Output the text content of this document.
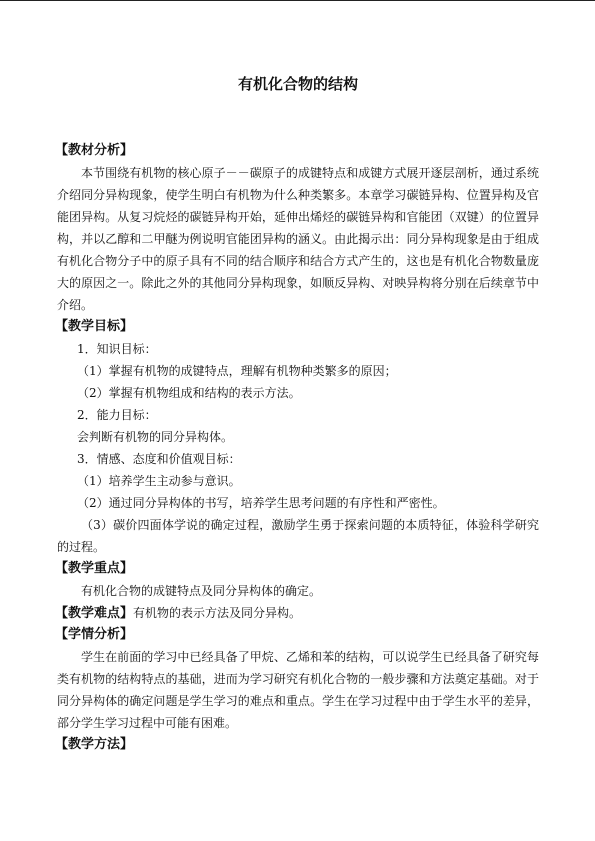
有机化合物的结构
【教材分析】

本节围绕有机物的核心原子－－碳原子的成键特点和成键方式展开逐层剖析，通过系统介绍同分异构现象，使学生明白有机物为什么种类繁多。本章学习碳链异构、位置异构及官能团异构。从复习烷烃的碳链异构开始，延伸出烯烃的碳链异构和官能团（双键）的位置异构，并以乙醇和二甲醚为例说明官能团异构的涵义。由此揭示出：同分异构现象是由于组成有机化合物分子中的原子具有不同的结合顺序和结合方式产生的，这也是有机化合物数量庞大的原因之一。除此之外的其他同分异构现象，如顺反异构、对映异构将分别在后续章节中介绍。

【教学目标】

1．知识目标：

（1）掌握有机物的成键特点，理解有机物种类繁多的原因；

（2）掌握有机物组成和结构的表示方法。

2．能力目标：

会判断有机物的同分异构体。

3．情感、态度和价值观目标：

（1）培养学生主动参与意识。

（2）通过同分异构体的书写，培养学生思考问题的有序性和严密性。

（3）碳价四面体学说的确定过程，激励学生勇于探索问题的本质特征，体验科学研究的过程。

【教学重点】

有机化合物的成键特点及同分异构体的确定。

【教学难点】有机物的表示方法及同分异构。

【学情分析】

学生在前面的学习中已经具备了甲烷、乙烯和苯的结构，可以说学生已经具备了研究每类有机物的结构特点的基础，进而为学习研究有机化合物的一般步骤和方法奠定基础。对于同分异构体的确定问题是学生学习的难点和重点。学生在学习过程中由于学生水平的差异，部分学生学习过程中可能有困难。

【教学方法】
